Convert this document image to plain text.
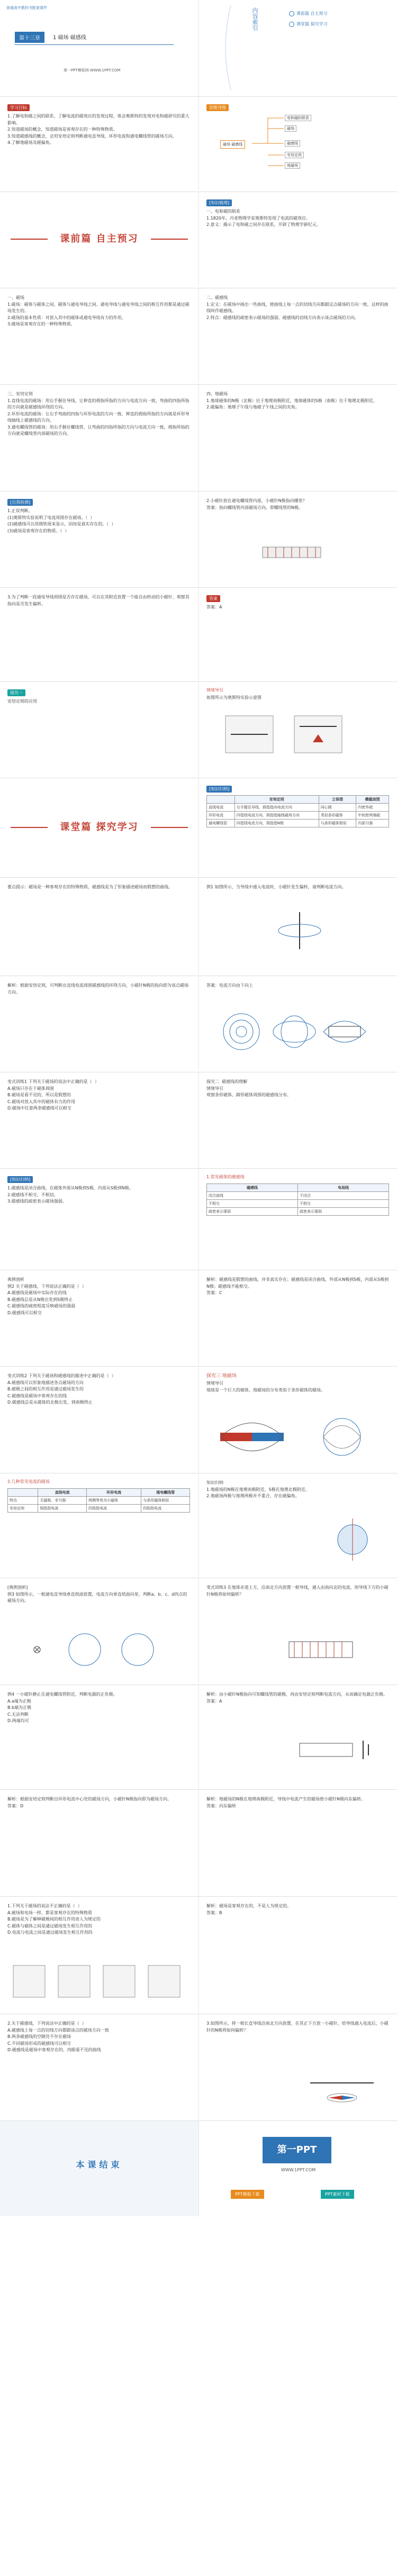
普通高中教科书配套课件
第十三章	1 磁场 磁感线
第一PPT模板网-WWW.1PPT.COM
内容索引	课前篇 自主预习
课堂篇 探究学习
学习目标
1.了解电和磁之间的联系，了解电流的磁效应的发现过程，体会奥斯特的发现对电和磁研究的重大影响。
2.知道磁场的概念，知道磁场是客观存在的一种特殊物质。
3.知道磁感线的概念，会用安培定则判断通电直导线、环形电流和通电螺线管的磁场方向。
4.了解地磁场及磁偏角。
思维导图
磁场 磁感线
电和磁的联系
磁场
磁感线
安培定则
地磁场
课前篇 自主预习
[知识梳理]
一、电和磁的联系
1.1820年，丹麦物理学家奥斯特发现了电流的磁效应。
2.意义：揭示了电和磁之间存在联系，开辟了物理学新纪元。
一、磁场
1.磁场：磁体与磁体之间、磁体与通电导线之间、通电导线与通电导线之间的相互作用都是通过磁场发生的。
2.磁场的基本性质：对放入其中的磁体或通电导线有力的作用。
3.磁场是客观存在的一种特殊物质。
二、磁感线
1.定义：在磁场中画出一些曲线，使曲线上每一点的切线方向都跟这点磁场的方向一致，这样的曲线叫作磁感线。
2.特点：磁感线的疏密表示磁场的强弱，磁感线的切线方向表示该点磁场的方向。
三、安培定则
1.直线电流的磁场：用右手握住导线，让伸直的拇指所指的方向与电流方向一致，弯曲的四指所指的方向就是磁感线环绕的方向。
2.环形电流的磁场：让右手弯曲的四指与环形电流的方向一致，伸直的拇指所指的方向就是环形导线轴线上磁感线的方向。
3.通电螺线管的磁场：用右手握住螺线管，让弯曲的四指所指的方向与电流方向一致，拇指所指的方向就是螺线管内部磁场的方向。
四、地磁场
1.地球磁体的N极（北极）位于地理南极附近，地球磁体的S极（南极）位于地理北极附近。
2.磁偏角：地理子午线与地磁子午线之间的夹角。
[自我检测]
1.正误判断。
(1)奥斯特实验说明了电流周围存在磁场。（  ）
(2)磁感线可以用细铁屑来显示，因而是真实存在的。（  ）
(3)磁场是客观存在的物质。（  ）
2.小磁针放在通电螺线管内部，小磁针N极指向哪里？
答案：指向螺线管内部磁场方向，即螺线管的N极。
3.为了判断一段通电导线周围是否存在磁场，可以在其附近放置一个能自由转动的小磁针，观察其指向是否发生偏转。
答案
答案：A
探究一
安培定则的应用
情境导引
如图所示为奥斯特实验示意图
课堂篇 探究学习
[知识归纳]
	安培定则	立体图	横截面图
直线电流	右手握住导线，拇指指向电流方向	同心圆	内密外疏
环形电流	四指绕电流方向，拇指指轴线磁场方向	类似条形磁体	中间密两端疏
通电螺线管	四指绕电流方向，拇指指N极	与条形磁体相似	内部匀强
要点提示：磁场是一种客观存在的特殊物质，磁感线是为了形象描述磁场而假想的曲线。	例1 如图所示，当导线中通入电流时，小磁针发生偏转，请判断电流方向。
解析：根据安培定则，可判断出直线电流周围磁感线的环绕方向，小磁针N极的指向即为该点磁场方向。
答案：电流方向由下向上
变式训练1 下列关于磁场的说法中正确的是（  ）
A.磁场只存在于磁体周围
B.磁场是看不见的，所以是假想的
C.磁场对放入其中的磁体有力的作用
D.磁场中任意两条磁感线可以相交
探究二  磁感线的理解
情境导引
观察条形磁体、蹄形磁体周围的磁感线分布。
[知识归纳]
1.磁感线是闭合曲线，在磁体外部从N极到S极，内部从S极到N极。
2.磁感线不相交、不相切。
3.磁感线的疏密表示磁场强弱。
1.常见磁体的磁感线
磁感线	电场线
闭合曲线	不闭合
不相交	不相交
疏密表示强弱	疏密表示强弱
典例剖析
例2 关于磁感线，下列说法正确的是（  ）
A.磁感线是磁场中实际存在的线
B.磁感线总是从N极出发到S极终止
C.磁感线的疏密程度反映磁场的强弱
D.磁感线可以相交
解析：磁感线是假想的曲线，并非真实存在；磁感线是闭合曲线，外部从N极到S极，内部从S极到N极；磁感线不能相交。
答案：C
变式训练2 下列关于磁场和磁感线的描述中正确的是（  ）
A.磁感线可以形象地描述各点磁场的方向
B.磁极之间的相互作用是通过磁场发生的
C.磁感线是磁场中客观存在的线
D.磁感线总是从磁体的北极出发，到南极终止
探究三 地磁场
情境导引
地球是一个巨大的磁体，地磁场的分布类似于条形磁体的磁场。
2.几种常见电流的磁场
	直线电流	环形电流	通电螺线管
特点	无磁极、非匀强	两侧等效为小磁体	与条形磁体相似
安培定则	拇指指电流	四指指电流	四指指电流
知识归纳
1.地磁场的N极在地理南极附近，S极在地理北极附近。
2.地磁场两极与地理两极并不重合，存在磁偏角。
[典例剖析]
例3 如图所示，一根通电直导线垂直纸面放置，电流方向垂直纸面向里，判断a、b、c、d四点的磁场方向。
变式训练3 在地球赤道上方，沿南北方向放置一根导线，通入由南向北的电流，则导线下方的小磁针N极将如何偏转？
例4 一小磁针静止在通电螺线管附近，判断电源的正负极。
A.a端为正极
B.b端为正极
C.无法判断
D.两端均可
解析：由小磁针N极指向可知螺线管的磁极，再由安培定则判断电流方向，从而确定电源正负极。
答案：A
解析：根据安培定则判断出环形电流中心处的磁场方向，小磁针N极指向即为磁场方向。
答案：D
解析：地磁场的N极在地理南极附近，导线中电流产生的磁场使小磁针N极向东偏转。
答案：向东偏转
1.下列关于磁场的说法不正确的是（  ）
A.磁场和电场一样，都是客观存在的特殊物质
B.磁场是为了解释磁极间的相互作用而人为规定的
C.磁体与磁体之间是通过磁场发生相互作用的
D.电流与电流之间是通过磁场发生相互作用的
解析：磁场是客观存在的，不是人为规定的。
答案：B
2.关于磁感线，下列说法中正确的是（  ）
A.磁感线上每一点的切线方向都跟该点的磁场方向一致
B.两条磁感线的空隙处不存在磁场
C.不同磁场形成的磁感线可以相交
D.磁感线是磁场中客观存在的、肉眼看不见的曲线
3.如图所示，将一根长直导线沿南北方向放置，在其正下方放一小磁针，给导线通入电流后，小磁针的N极将如何偏转？
本课结束
第一PPT
WWW.1PPT.COM
PPT模板下载	PPT素材下载
